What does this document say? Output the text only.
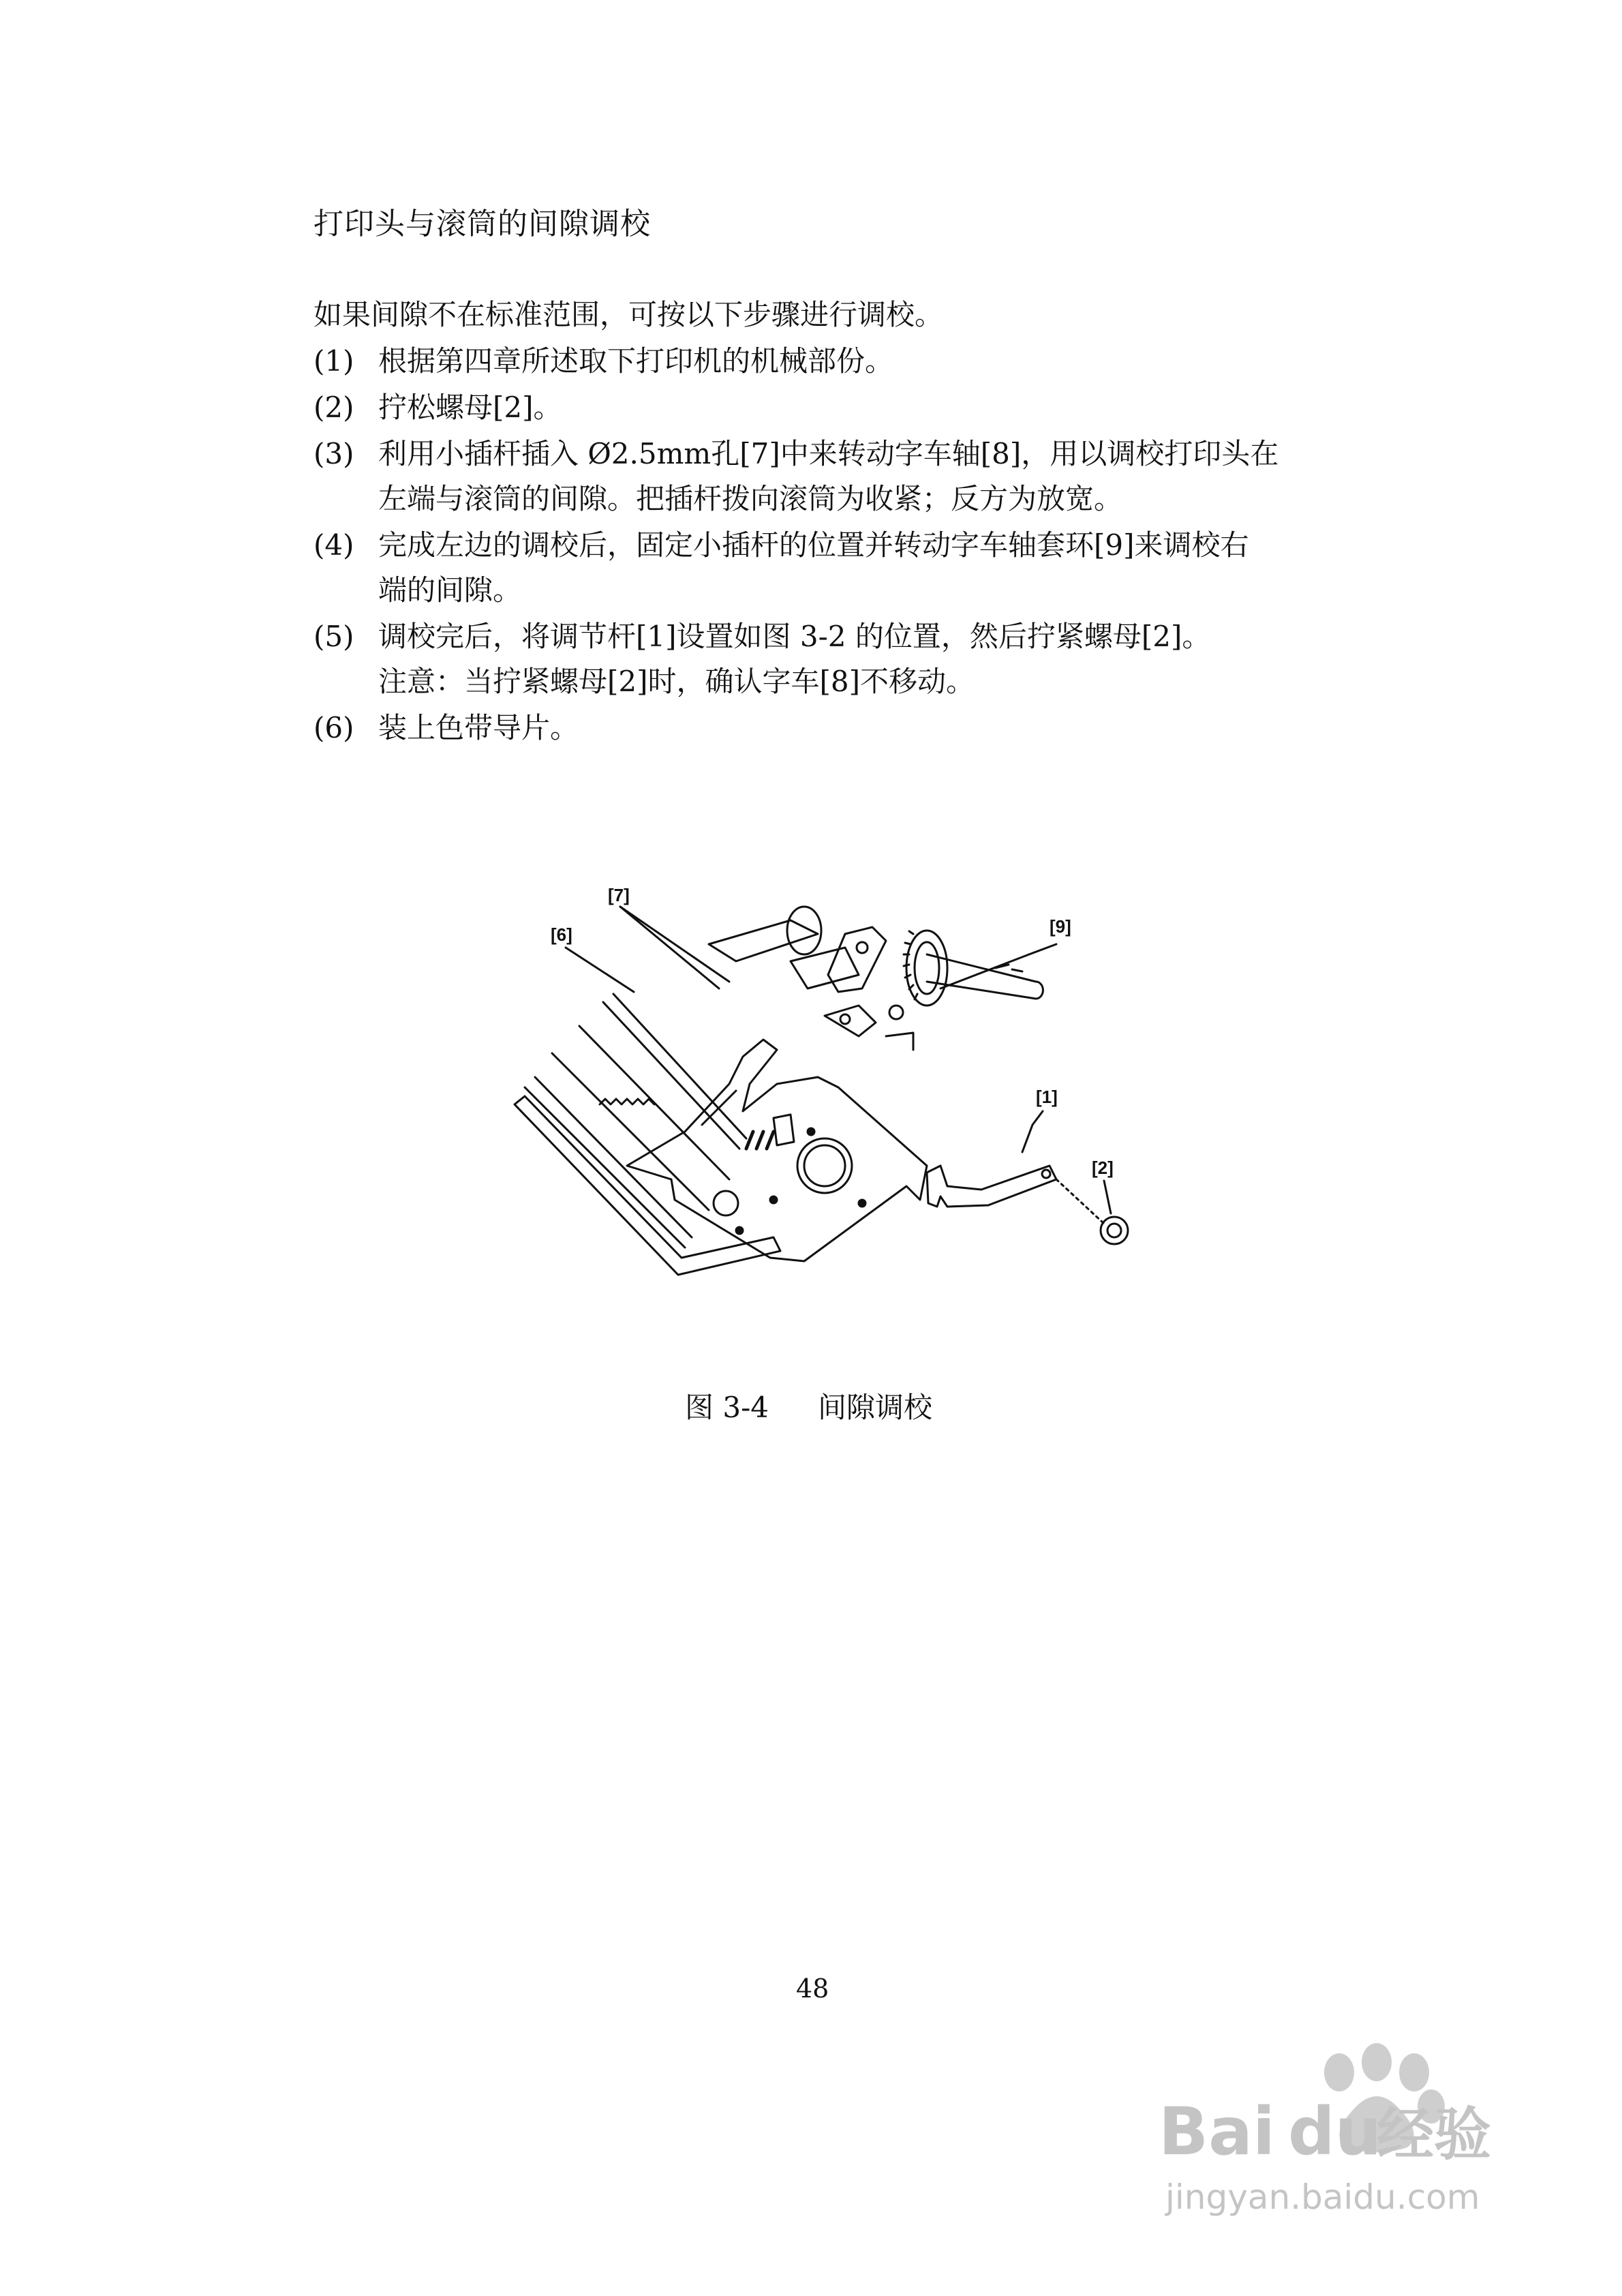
打印头与滚筒的间隙调校
如果间隙不在标准范围，可按以下步骤进行调校。
(1) 根据第四章所述取下打印机的机械部份。
(2) 拧松螺母[2]。
(3) 利用小插杆插入 Ø2.5mm孔[7]中来转动字车轴[8]，用以调校打印头在
左端与滚筒的间隙。把插杆拨向滚筒为收紧；反方为放宽。
(4) 完成左边的调校后，固定小插杆的位置并转动字车轴套环[9]来调校右
端的间隙。
(5) 调校完后，将调节杆[1]设置如图 3-2 的位置，然后拧紧螺母[2]。
注意：当拧紧螺母[2]时，确认字车[8]不移动。
(6) 装上色带导片。
[7]
[6]	[9]
[1]
[2]
图 3-4 间隙调校
48
Bai du
经验
jingyan.baidu.com
